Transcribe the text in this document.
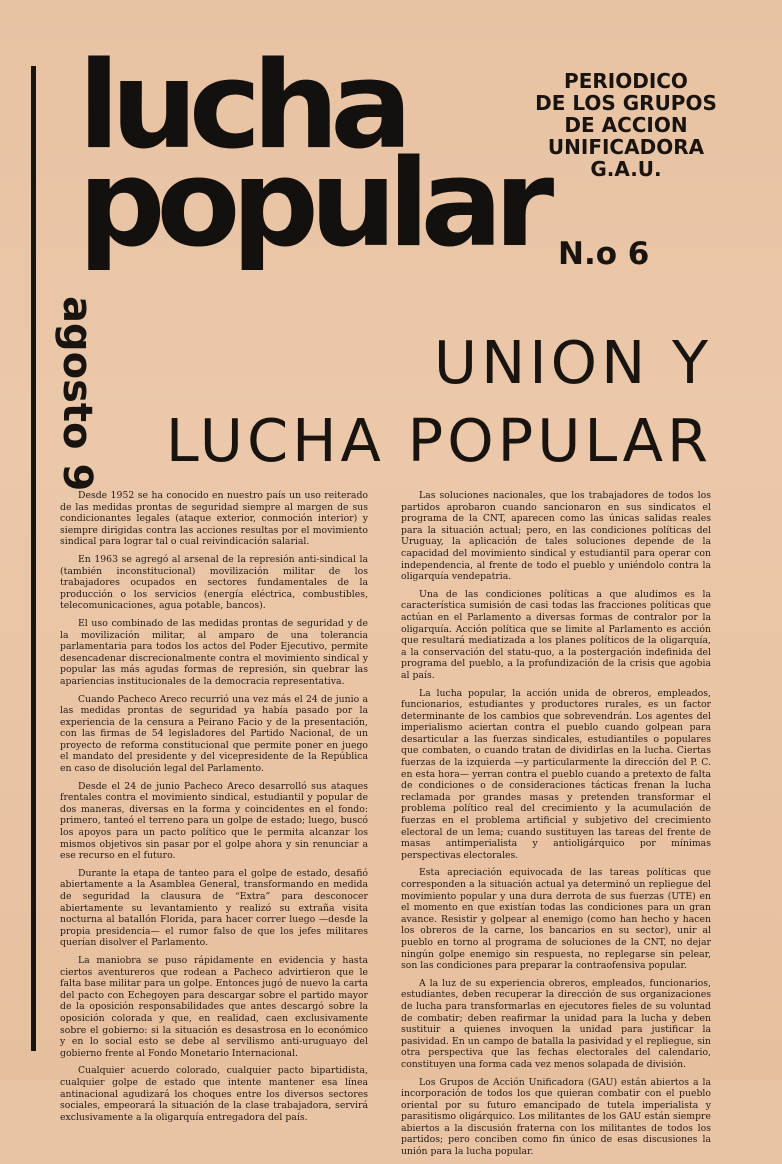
lucha
popular
PERIODICO
DE LOS GRUPOS
DE ACCION
UNIFICADORA
G.A.U.
N.o 6
agosto 9	UNION Y
LUCHA POPULAR

Desde 1952 se ha conocido en nuestro país un uso reiterado de las medidas prontas de seguridad siempre al margen de sus condicionantes legales (ataque exterior, conmoción interior) y siempre dirigidas contra las acciones resultas por el movimiento sindical para lograr tal o cual reivindicación salarial.

En 1963 se agregó al arsenal de la represión anti-sindical la (también inconstitucional) movilización militar de los trabajadores ocupados en sectores fundamentales de la producción o los servicios (energía eléctrica, combustibles, telecomunicaciones, agua potable, bancos).

El uso combinado de las medidas prontas de seguridad y de la movilización militar, al amparo de una tolerancia parlamentaria para todos los actos del Poder Ejecutivo, permite desencadenar discrecionalmente contra el movimiento sindical y popular las más agudas formas de represión, sin quebrar las apariencias institucionales de la democracia representativa.

Cuando Pacheco Areco recurrió una vez más el 24 de junio a las medidas prontas de seguridad ya había pasado por la experiencia de la censura a Peirano Facio y de la presentación, con las firmas de 54 legisladores del Partido Nacional, de un proyecto de reforma constitucional que permite poner en juego el mandato del presidente y del vicepresidente de la República en caso de disolución legal del Parlamento.

Desde el 24 de junio Pacheco Areco desarrolló sus ataques frentales contra el movimiento sindical, estudiantil y popular de dos maneras, diversas en la forma y coincidentes en el fondo: primero, tanteó el terreno para un golpe de estado; luego, buscó los apoyos para un pacto político que le permita alcanzar los mismos objetivos sin pasar por el golpe ahora y sin renunciar a ese recurso en el futuro.

Durante la etapa de tanteo para el golpe de estado, desafió abiertamente a la Asamblea General, transformando en medida de seguridad la clausura de “Extra” para desconocer abiertamente su levantamiento y realizó su extraña visita nocturna al batallón Florida, para hacer correr luego —desde la propia presidencia— el rumor falso de que los jefes militares querían disolver el Parlamento.

La maniobra se puso rápidamente en evidencia y hasta ciertos aventureros que rodean a Pacheco advirtieron que le falta base militar para un golpe. Entonces jugó de nuevo la carta del pacto con Echegoyen para descargar sobre el partido mayor de la oposición responsabilidades que antes descargó sobre la oposición colorada y que, en realidad, caen exclusivamente sobre el gobierno: si la situación es desastrosa en lo económico y en lo social esto se debe al servilismo anti-uruguayo del gobierno frente al Fondo Monetario Internacional.

Cualquier acuerdo colorado, cualquier pacto bipartidista, cualquier golpe de estado que intente mantener esa línea antinacional agudizará los choques entre los diversos sectores sociales, empeorará la situación de la clase trabajadora, servirá exclusivamente a la oligarquía entregadora del país.

Las soluciones nacionales, que los trabajadores de todos los partidos aprobaron cuando sancionaron en sus sindicatos el programa de la CNT, aparecen como las únicas salidas reales para la situación actual; pero, en las condiciones políticas del Uruguay, la aplicación de tales soluciones depende de la capacidad del movimiento sindical y estudiantil para operar con independencia, al frente de todo el pueblo y uniéndolo contra la oligarquía vendepatria.

Una de las condiciones políticas a que aludimos es la característica sumisión de casi todas las fracciones políticas que actúan en el Parlamento a diversas formas de contralor por la oligarquía. Acción política que se limite al Parlamento es acción que resultará mediatizada a los planes políticos de la oligarquía, a la conservación del statu-quo, a la postergación indefinida del programa del pueblo, a la profundización de la crisis que agobia al país.

La lucha popular, la acción unida de obreros, empleados, funcionarios, estudiantes y productores rurales, es un factor determinante de los cambios que sobrevendrán. Los agentes del imperialismo aciertan contra el pueblo cuando golpean para desarticular a las fuerzas sindicales, estudiantiles o populares que combaten, o cuando tratan de dividirlas en la lucha. Ciertas fuerzas de la izquierda —y particularmente la dirección del P. C. en esta hora— yerran contra el pueblo cuando a pretexto de falta de condiciones o de consideraciones tácticas frenan la lucha reclamada por grandes masas y pretenden transformar el problema político real del crecimiento y la acumulación de fuerzas en el problema artificial y subjetivo del crecimiento electoral de un lema; cuando sustituyen las tareas del frente de masas antimperialista y antioligárquico por mínimas perspectivas electorales.

Esta apreciación equivocada de las tareas políticas que corresponden a la situación actual ya determinó un repliegue del movimiento popular y una dura derrota de sus fuerzas (UTE) en el momento en que existían todas las condiciones para un gran avance. Resistir y golpear al enemigo (como han hecho y hacen los obreros de la carne, los bancarios en su sector), unir al pueblo en torno al programa de soluciones de la CNT, no dejar ningún golpe enemigo sin respuesta, no replegarse sin pelear, son las condiciones para preparar la contraofensiva popular.

A la luz de su experiencia obreros, empleados, funcionarios, estudiantes, deben recuperar la dirección de sus organizaciones de lucha para transformarlas en ejecutores fieles de su voluntad de combatir; deben reafirmar la unidad para la lucha y deben sustituir a quienes invoquen la unidad para justificar la pasividad. En un campo de batalla la pasividad y el repliegue, sin otra perspectiva que las fechas electorales del calendario, constituyen una forma cada vez menos solapada de división.

Los Grupos de Acción Unificadora (GAU) están abiertos a la incorporación de todos los que quieran combatir con el pueblo oriental por su futuro emancipado de tutela imperialista y parasitismo oligárquico. Los militantes de los GAU están siempre abiertos a la discusión fraterna con los militantes de todos los partidos; pero conciben como fin único de esas discusiones la unión para la lucha popular.
